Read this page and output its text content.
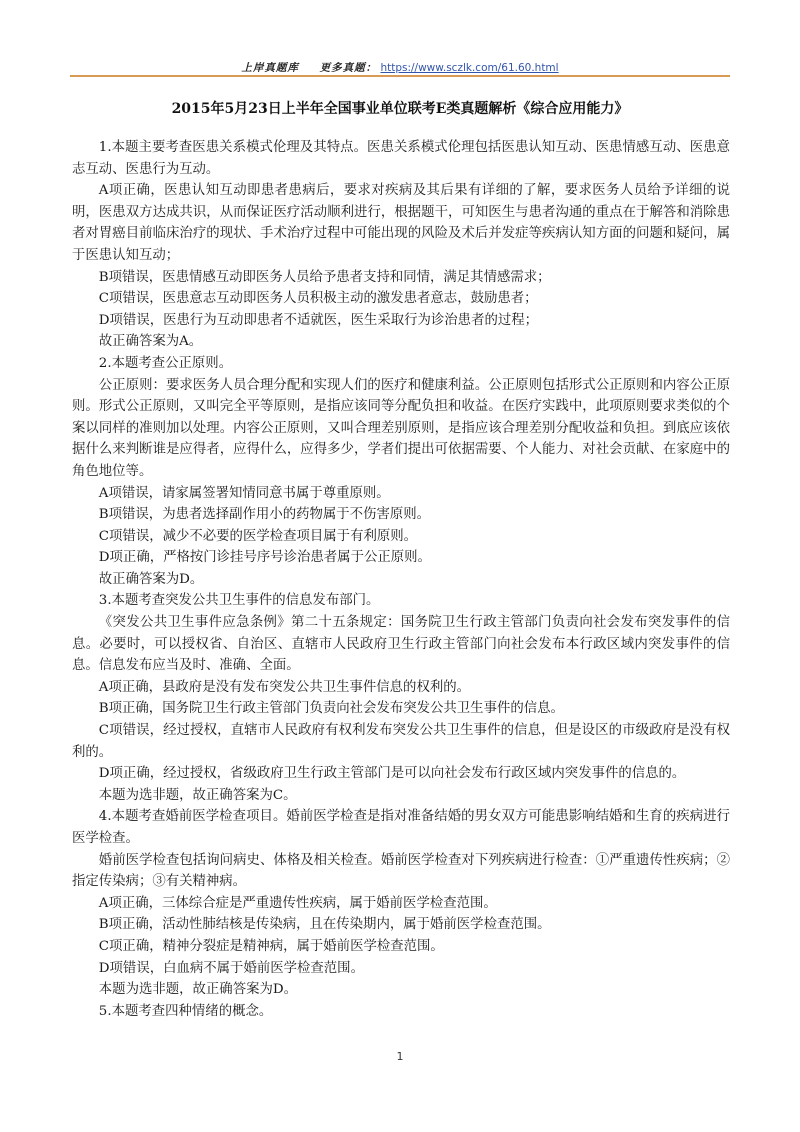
上岸真题库 更多真题： https://www.sczlk.com/61.60.html
2015年5月23日上半年全国事业单位联考E类真题解析《综合应用能力》

1.本题主要考查医患关系模式伦理及其特点。医患关系模式伦理包括医患认知互动、医患情感互动、医患意志互动、医患行为互动。

A项正确，医患认知互动即患者患病后，要求对疾病及其后果有详细的了解，要求医务人员给予详细的说明，医患双方达成共识，从而保证医疗活动顺利进行，根据题干，可知医生与患者沟通的重点在于解答和消除患者对胃癌目前临床治疗的现状、手术治疗过程中可能出现的风险及术后并发症等疾病认知方面的问题和疑问，属于医患认知互动；

B项错误，医患情感互动即医务人员给予患者支持和同情，满足其情感需求；

C项错误，医患意志互动即医务人员积极主动的激发患者意志，鼓励患者；

D项错误，医患行为互动即患者不适就医，医生采取行为诊治患者的过程；

故正确答案为A。

2.本题考查公正原则。

公正原则：要求医务人员合理分配和实现人们的医疗和健康利益。公正原则包括形式公正原则和内容公正原则。形式公正原则，又叫完全平等原则，是指应该同等分配负担和收益。在医疗实践中，此项原则要求类似的个案以同样的准则加以处理。内容公正原则，又叫合理差别原则，是指应该合理差别分配收益和负担。到底应该依据什么来判断谁是应得者，应得什么，应得多少，学者们提出可依据需要、个人能力、对社会贡献、在家庭中的角色地位等。

A项错误，请家属签署知情同意书属于尊重原则。

B项错误，为患者选择副作用小的药物属于不伤害原则。

C项错误，减少不必要的医学检查项目属于有利原则。

D项正确，严格按门诊挂号序号诊治患者属于公正原则。

故正确答案为D。

3.本题考查突发公共卫生事件的信息发布部门。

《突发公共卫生事件应急条例》第二十五条规定：国务院卫生行政主管部门负责向社会发布突发事件的信息。必要时，可以授权省、自治区、直辖市人民政府卫生行政主管部门向社会发布本行政区域内突发事件的信息。信息发布应当及时、准确、全面。

A项正确，县政府是没有发布突发公共卫生事件信息的权利的。

B项正确，国务院卫生行政主管部门负责向社会发布突发公共卫生事件的信息。

C项错误，经过授权，直辖市人民政府有权利发布突发公共卫生事件的信息，但是设区的市级政府是没有权利的。

D项正确，经过授权，省级政府卫生行政主管部门是可以向社会发布行政区域内突发事件的信息的。

本题为选非题，故正确答案为C。

4.本题考查婚前医学检查项目。婚前医学检查是指对准备结婚的男女双方可能患影响结婚和生育的疾病进行医学检查。

婚前医学检查包括询问病史、体格及相关检查。婚前医学检查对下列疾病进行检查：①严重遗传性疾病；②指定传染病；③有关精神病。

A项正确，三体综合症是严重遗传性疾病，属于婚前医学检查范围。

B项正确，活动性肺结核是传染病，且在传染期内，属于婚前医学检查范围。

C项正确，精神分裂症是精神病，属于婚前医学检查范围。

D项错误，白血病不属于婚前医学检查范围。

本题为选非题，故正确答案为D。

5.本题考查四种情绪的概念。

1
